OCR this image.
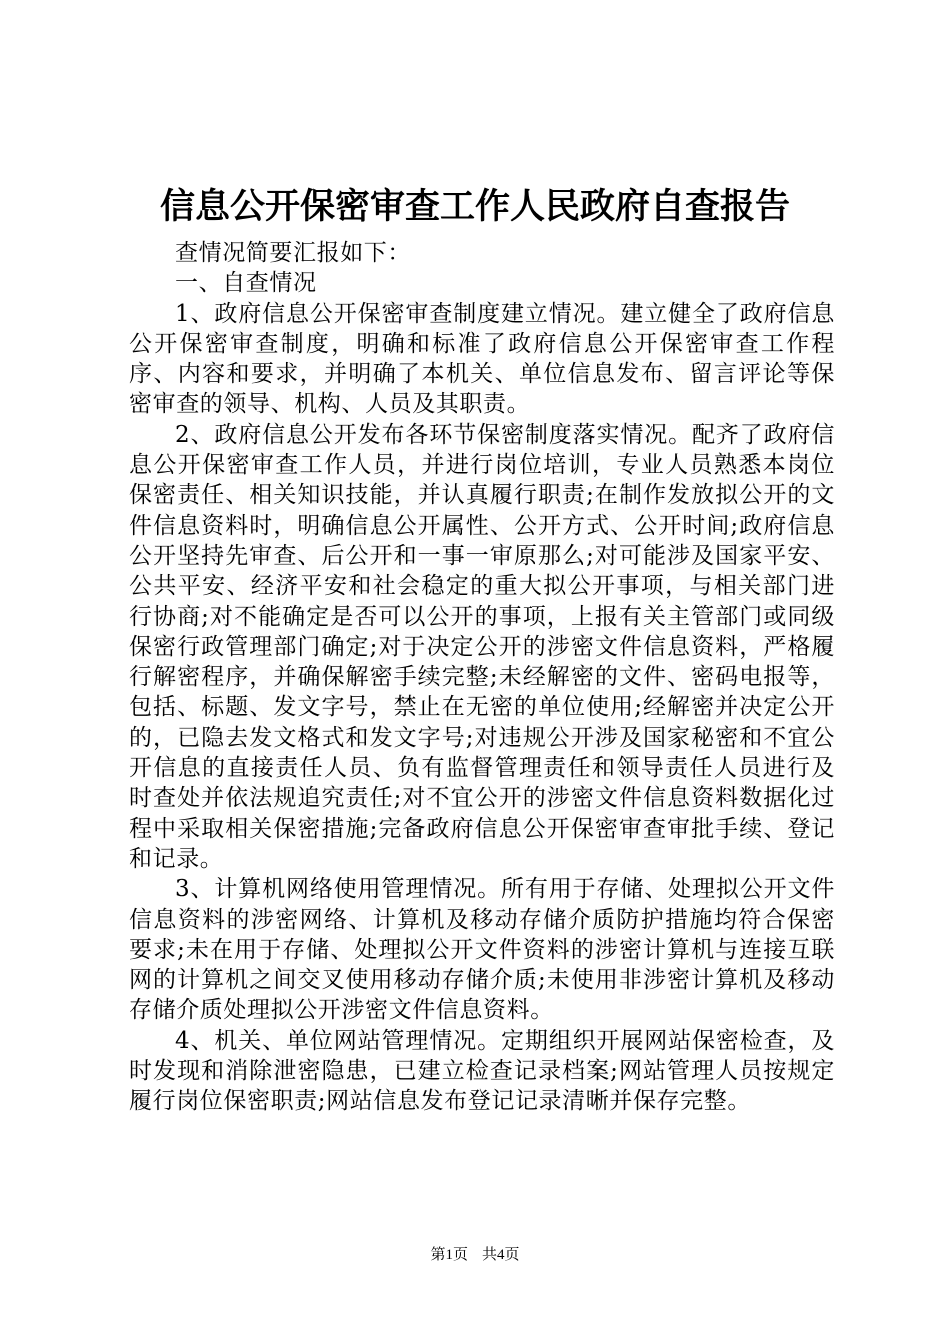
信息公开保密审查工作人民政府自查报告

查情况简要汇报如下：

一、自查情况

1、政府信息公开保密审查制度建立情况。建立健全了政府信息公开保密审查制度，明确和标准了政府信息公开保密审查工作程序、内容和要求，并明确了本机关、单位信息发布、留言评论等保密审查的领导、机构、人员及其职责。

2、政府信息公开发布各环节保密制度落实情况。配齐了政府信息公开保密审查工作人员，并进行岗位培训，专业人员熟悉本岗位保密责任、相关知识技能，并认真履行职责;在制作发放拟公开的文件信息资料时，明确信息公开属性、公开方式、公开时间;政府信息公开坚持先审查、后公开和一事一审原那么;对可能涉及国家平安、公共平安、经济平安和社会稳定的重大拟公开事项，与相关部门进行协商;对不能确定是否可以公开的事项，上报有关主管部门或同级保密行政管理部门确定;对于决定公开的涉密文件信息资料，严格履行解密程序，并确保解密手续完整;未经解密的文件、密码电报等，包括、标题、发文字号，禁止在无密的单位使用;经解密并决定公开的，已隐去发文格式和发文字号;对违规公开涉及国家秘密和不宜公开信息的直接责任人员、负有监督管理责任和领导责任人员进行及时查处并依法规追究责任;对不宜公开的涉密文件信息资料数据化过程中采取相关保密措施;完备政府信息公开保密审查审批手续、登记和记录。

3、计算机网络使用管理情况。所有用于存储、处理拟公开文件信息资料的涉密网络、计算机及移动存储介质防护措施均符合保密要求;未在用于存储、处理拟公开文件资料的涉密计算机与连接互联网的计算机之间交叉使用移动存储介质;未使用非涉密计算机及移动存储介质处理拟公开涉密文件信息资料。

4、机关、单位网站管理情况。定期组织开展网站保密检查，及时发现和消除泄密隐患，已建立检查记录档案;网站管理人员按规定履行岗位保密职责;网站信息发布登记记录清晰并保存完整。

第1页 共4页
